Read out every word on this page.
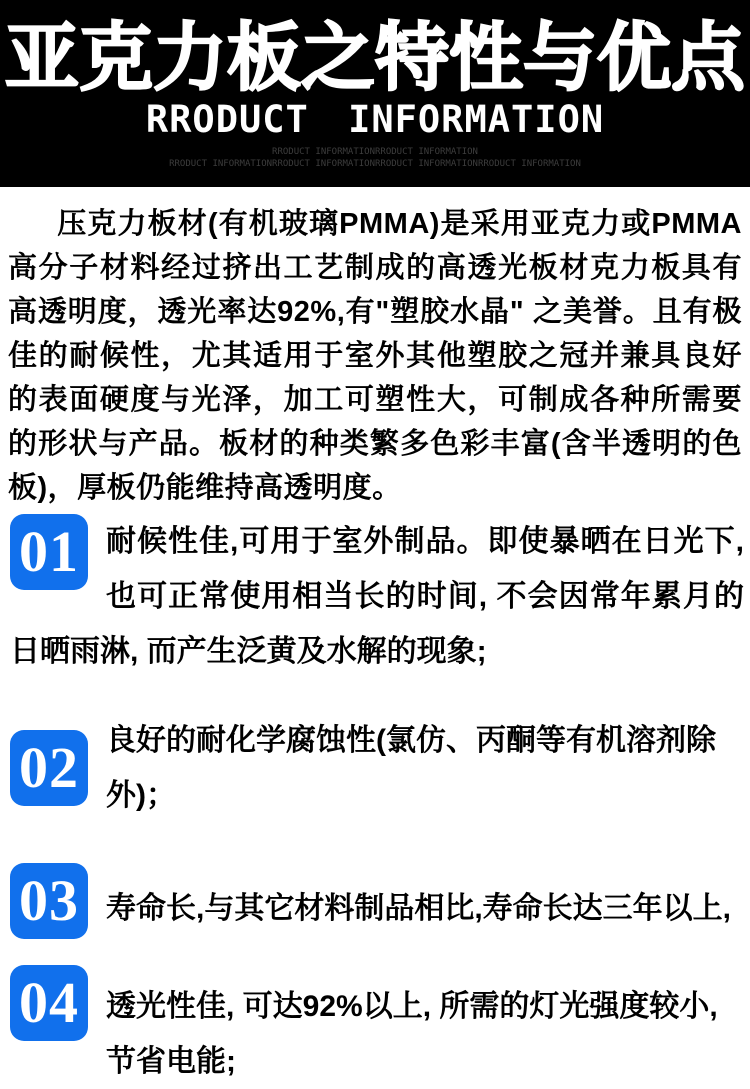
亚克力板之特性与优点
RRODUCT INFORMATION
RRODUCT INFORMATIONRRODUCT INFORMATION
RRODUCT INFORMATIONRRODUCT INFORMATIONRRODUCT INFORMATIONRRODUCT INFORMATION

压克力板材(有机玻璃PMMA)是采用亚克力或PMMA高分子材料经过挤出工艺制成的高透光板材克力板具有高透明度，透光率达92%,有"塑胶水晶" 之美誉。且有极佳的耐候性，尤其适用于室外其他塑胶之冠并兼具良好的表面硬度与光泽，加工可塑性大，可制成各种所需要的形状与产品。板材的种类繁多色彩丰富(含半透明的色板)，厚板仍能维持高透明度。

01 耐候性佳,可用于室外制品。即使暴晒在日光下,也可正常使用相当长的时间, 不会因常年累月的日晒雨淋, 而产生泛黄及水解的现象;

02 良好的耐化学腐蚀性(氯仿、丙酮等有机溶剂除外)；

03 寿命长,与其它材料制品相比,寿命长达三年以上,

04 透光性佳, 可达92%以上, 所需的灯光强度较小, 节省电能;
